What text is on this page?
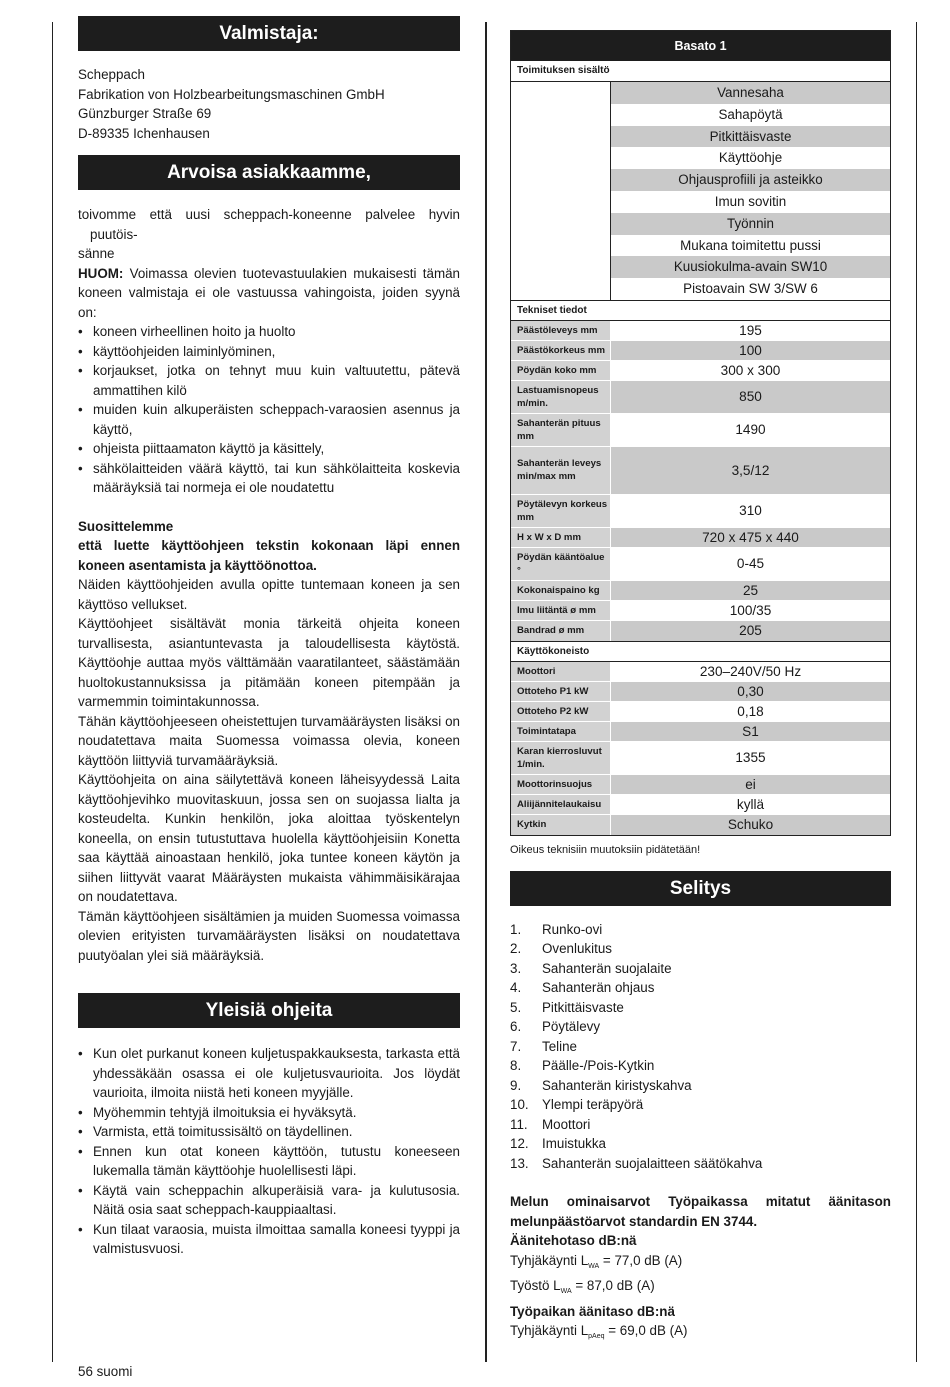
Valmistaja:
Scheppach
Fabrikation von Holzbearbeitungsmaschinen GmbH
Günzburger Straße 69
D-89335 Ichenhausen
Arvoisa asiakkaamme,
toivomme että uusi scheppach-koneenne palvelee hyvin
puutöis-
sänne

HUOM: Voimassa olevien tuotevastuulakien mukaisesti tämän koneen valmistaja ei ole vastuussa vahingoista, joiden syynä on:

• koneen virheellinen hoito ja huolto
• käyttöohjeiden laiminlyöminen,
• korjaukset, jotka on tehnyt muu kuin valtuutettu, pätevä ammattihen kilö
• muiden kuin alkuperäisten scheppach-varaosien asennus ja käyttö,
• ohjeista piittaamaton käyttö ja käsittely,
• sähkölaitteiden väärä käyttö, tai kun sähkölaitteita koskevia määräyksiä tai normeja ei ole noudatettu
Suosittelemme
että luette käyttöohjeen tekstin kokonaan läpi ennen koneen asentamista ja käyttöönottoa.

Näiden käyttöohjeiden avulla opitte tuntemaan koneen ja sen käyttöso vellukset.

Käyttöohjeet sisältävät monia tärkeitä ohjeita koneen turvallisesta, asiantuntevasta ja taloudellisesta käytöstä. Käyttöohje auttaa myös välttämään vaaratilanteet, säästämään huoltokustannuksissa ja pitämään koneen pitempään ja varmemmin toimintakunnossa.

Tähän käyttöohjeeseen oheistettujen turvamääräysten lisäksi on noudatettava maita Suomessa voimassa olevia, koneen käyttöön liittyviä turvamääräyksiä.

Käyttöohjeita on aina säilytettävä koneen läheisyydessä Laita käyttöohjevihko muovitaskuun, jossa sen on suojassa lialta ja kosteudelta. Kunkin henkilön, joka aloittaa työskentelyn koneella, on ensin tutustuttava huolella käyttöohjeisiin Konetta saa käyttää ainoastaan henkilö, joka tuntee koneen käytön ja siihen liittyvät vaarat Määräysten mukaista vähimmäisikärajaa on noudatettava.

Tämän käyttöohjeen sisältämien ja muiden Suomessa voimassa olevien erityisten turvamääräysten lisäksi on noudatettava puutyöalan ylei siä määräyksiä.

Yleisiä ohjeita
• Kun olet purkanut koneen kuljetuspakkauksesta, tarkasta että yhdessäkään osassa ei ole kuljetusvaurioita. Jos löydät vaurioita, ilmoita niistä heti koneen myyjälle.
• Myöhemmin tehtyjä ilmoituksia ei hyväksytä.
• Varmista, että toimitussisältö on täydellinen.
• Ennen kun otat koneen käyttöön, tutustu koneeseen lukemalla tämän käyttöohje huolellisesti läpi.
• Käytä vain scheppachin alkuperäisiä vara- ja kulutusosia. Näitä osia saat scheppach-kauppiaaltasi.
• Kun tilaat varaosia, muista ilmoittaa samalla koneesi tyyppi ja valmistusvuosi.
Basato 1
Toimituksen sisältö
Vannesaha
Sahapöytä
Pitkittäisvaste
Käyttöohje
Ohjausprofiili ja asteikko
Imun sovitin
Työnnin
Mukana toimitettu pussi
Kuusiokulma-avain SW10
Pistoavain SW 3/SW 6
Tekniset tiedot
Päästöleveys mm	195
Päästökorkeus mm	100
Pöydän koko mm	300 x 300
Lastuamisnopeus m/min.	850
Sahanterän pituus mm	1490
Sahanterän leveys min/max mm	3,5/12
Pöytälevyn korkeus mm	310
H x W x D mm	720 x 475 x 440
Pöydän kääntöalue °	0-45
Kokonaispaino kg	25
Imu liitäntä ø mm	100/35
Bandrad ø mm	205
Käyttökoneisto
Moottori	230–240V/50 Hz
Ottoteho P1 kW	0,30
Ottoteho P2 kW	0,18
Toimintatapa	S1
Karan kierrosluvut 1/min.	1355
Moottorinsuojus	ei
Aliijännitelaukaisu	kyllä
Kytkin	Schuko
Oikeus teknisiin muutoksiin pidätetään!
Selitys
1.	Runko-ovi
2.	Ovenlukitus
3.	Sahanterän suojalaite
4.	Sahanterän ohjaus
5.	Pitkittäisvaste
6.	Pöytälevy
7.	Teline
8.	Päälle-/Pois-Kytkin
9.	Sahanterän kiristyskahva
10. Ylempi teräpyörä
11.	Moottori
12. Imuistukka
13. Sahanterän suojalaitteen säätökahva
Melun ominaisarvot Työpaikassa mitatut äänitason melunpäästöarvot standardin EN 3744.
Äänitehotaso dB:nä
Tyhjäkäynti $L_{WA} = 77,0$ dB (A)
Työstö $L_{WA} = 87,0$ dB (A)
Työpaikan äänitaso dB:nä
Tyhjäkäynti $L_{pAeq} = 69,0$ dB (A)
56 suomi
